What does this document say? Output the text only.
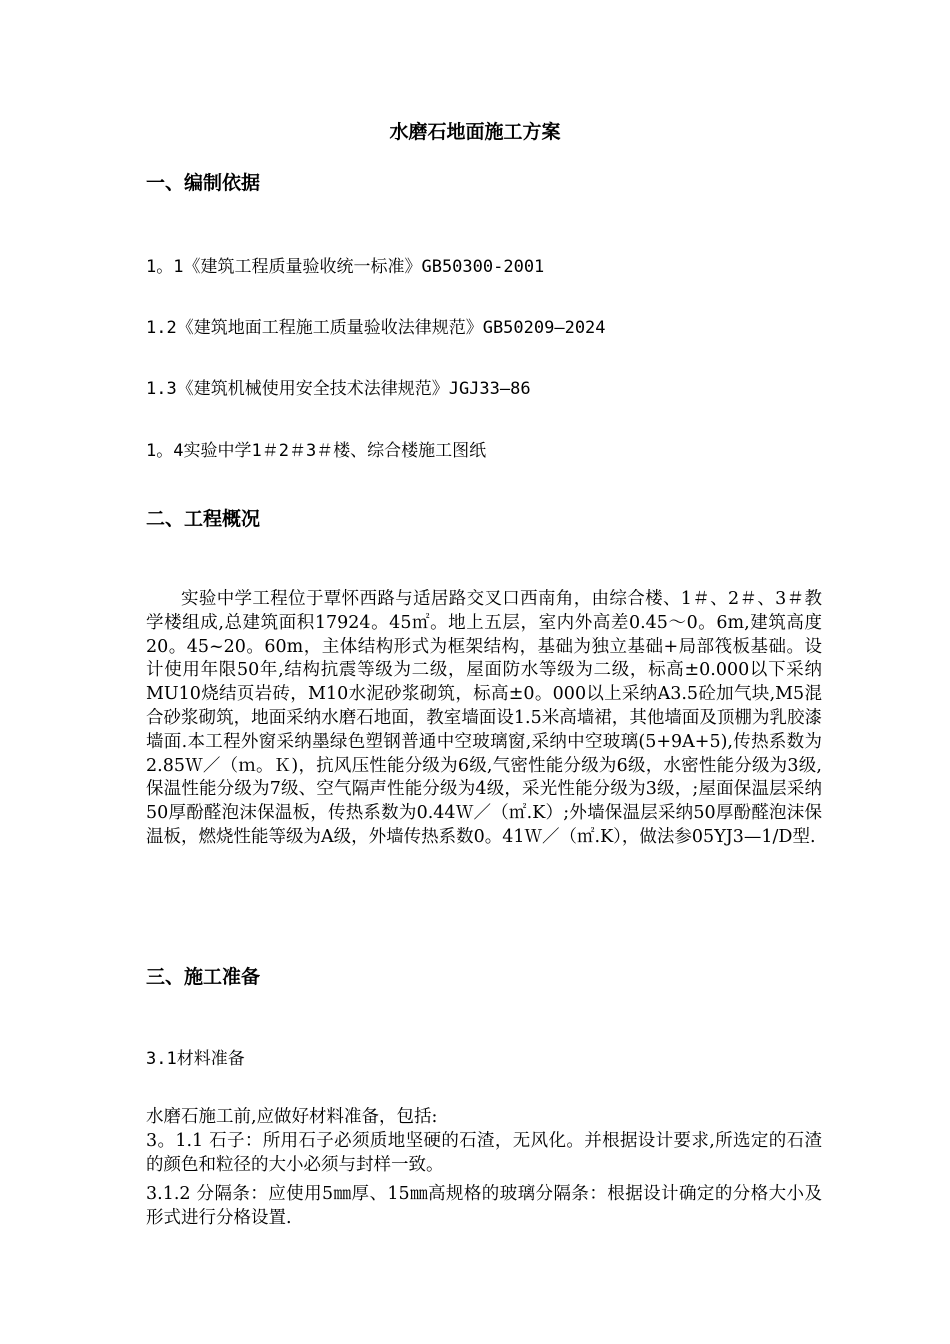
水磨石地面施工方案
一、编制依据
1。1《建筑工程质量验收统一标准》GB50300-2001
1.2《建筑地面工程施工质量验收法律规范》GB50209—2024
1.3《建筑机械使用安全技术法律规范》JGJ33—86
1。4实验中学1＃2＃3＃楼、综合楼施工图纸
二、工程概况

实验中学工程位于覃怀西路与适居路交叉口西南角，由综合楼、1＃、2＃、3＃教学楼组成,总建筑面积17924。45㎡。地上五层，室内外高差0.45～0。6m,建筑高度20。45~20。60m，主体结构形式为框架结构，基础为独立基础+局部筏板基础。设计使用年限50年,结构抗震等级为二级，屋面防水等级为二级，标高±0.000以下采纳MU10烧结页岩砖，M10水泥砂浆砌筑，标高±0。000以上采纳A3.5砼加气块,M5混合砂浆砌筑，地面采纳水磨石地面，教室墙面设1.5米高墙裙，其他墙面及顶棚为乳胶漆墙面.本工程外窗采纳墨绿色塑钢普通中空玻璃窗,采纳中空玻璃(5+9A+5),传热系数为2.85Ｗ／（ｍ。Ｋ)，抗风压性能分级为6级,气密性能分级为6级，水密性能分级为3级,保温性能分级为7级、空气隔声性能分级为4级，采光性能分级为3级，;屋面保温层采纳50厚酚醛泡沫保温板，传热系数为0.44Ｗ／（㎡.K）;外墙保温层采纳50厚酚醛泡沫保温板，燃烧性能等级为A级，外墙传热系数0。41Ｗ／（㎡.K），做法参05YJ3—1/D型.

三、施工准备
3.1材料准备

水磨石施工前,应做好材料准备，包括:

3。1.1 石子：所用石子必须质地坚硬的石渣，无风化。并根据设计要求,所选定的石渣的颜色和粒径的大小必须与封样一致。

3.1.2 分隔条：应使用5㎜厚、15㎜高规格的玻璃分隔条：根据设计确定的分格大小及形式进行分格设置.
